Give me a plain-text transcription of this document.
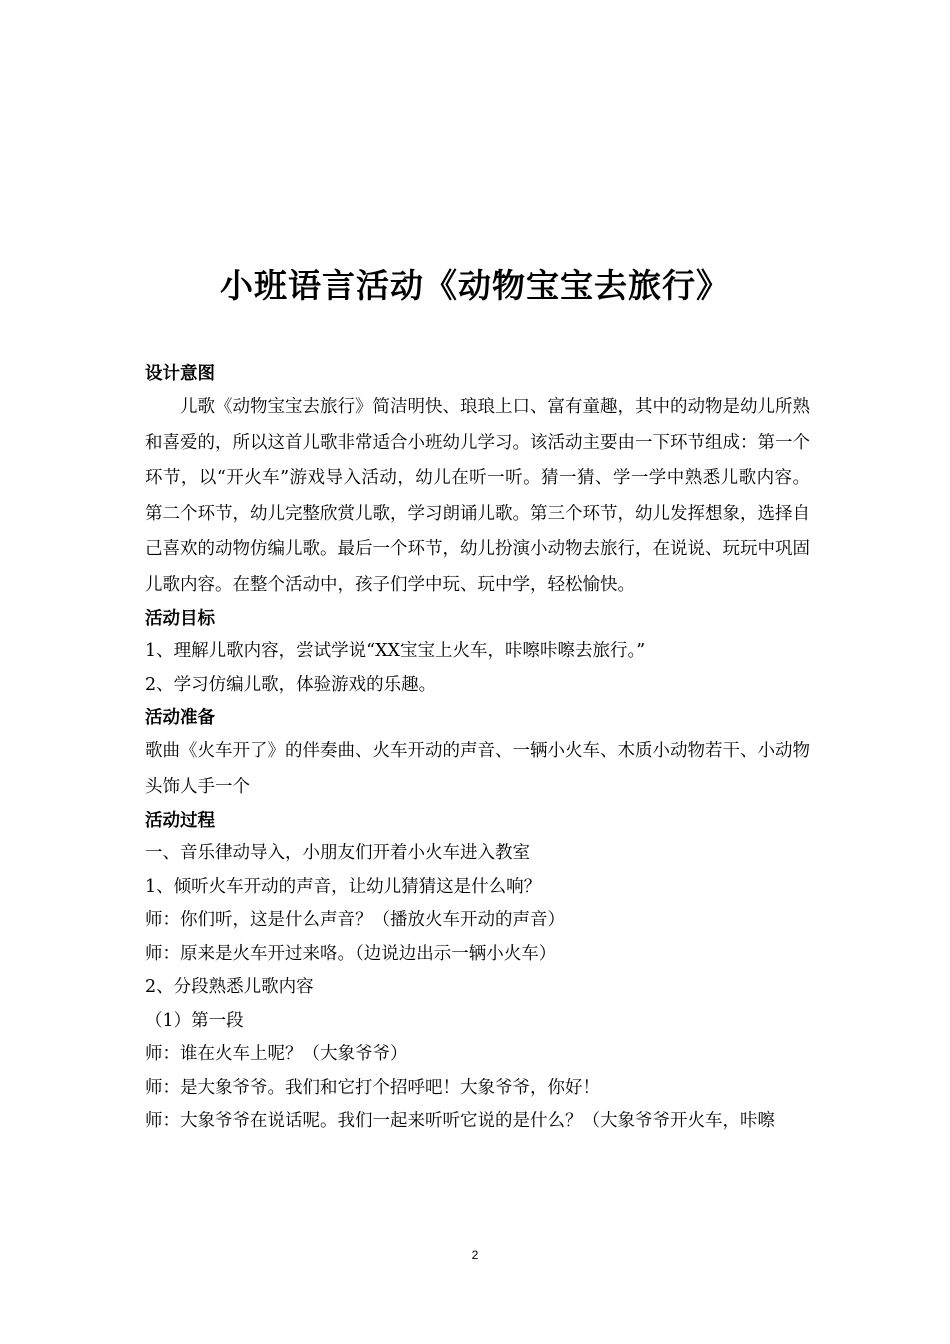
小班语言活动《动物宝宝去旅行》

设计意图

儿歌《动物宝宝去旅行》简洁明快、琅琅上口、富有童趣，其中的动物是幼儿所熟和喜爱的，所以这首儿歌非常适合小班幼儿学习。该活动主要由一下环节组成：第一个环节，以“开火车”游戏导入活动，幼儿在听一听。猜一猜、学一学中熟悉儿歌内容。第二个环节，幼儿完整欣赏儿歌，学习朗诵儿歌。第三个环节，幼儿发挥想象，选择自己喜欢的动物仿编儿歌。最后一个环节，幼儿扮演小动物去旅行，在说说、玩玩中巩固儿歌内容。在整个活动中，孩子们学中玩、玩中学，轻松愉快。

活动目标

1、理解儿歌内容，尝试学说“XX宝宝上火车，咔嚓咔嚓去旅行。”

2、学习仿编儿歌，体验游戏的乐趣。

活动准备

歌曲《火车开了》的伴奏曲、火车开动的声音、一辆小火车、木质小动物若干、小动物头饰人手一个

活动过程

一、音乐律动导入，小朋友们开着小火车进入教室

1、倾听火车开动的声音，让幼儿猜猜这是什么响？

师：你们听，这是什么声音？（播放火车开动的声音）

师：原来是火车开过来咯。（边说边出示一辆小火车）

2、分段熟悉儿歌内容

（1）第一段

师：谁在火车上呢？（大象爷爷）

师：是大象爷爷。我们和它打个招呼吧！大象爷爷，你好！

师：大象爷爷在说话呢。我们一起来听听它说的是什么？（大象爷爷开火车，咔嚓

2
